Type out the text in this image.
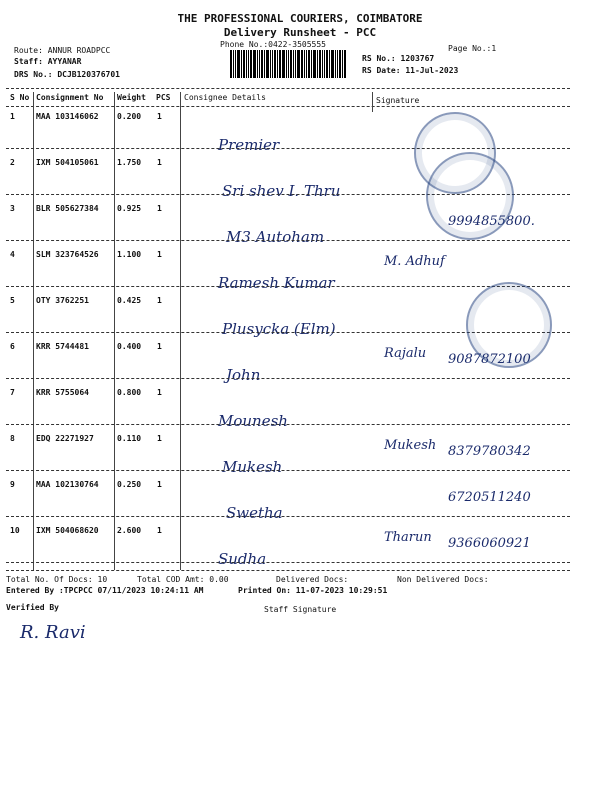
THE PROFESSIONAL COURIERS, COIMBATORE
Delivery Runsheet - PCC
Phone No.:0422-3505555	Page No.:1
Route: ANNUR ROADPCC
Staff: AYYANAR
DRS No.: DCJB120376701
RS No.: 1203767
RS Date: 11-Jul-2023
S No Consignment No Weight PCS Consignee Details	Signature
1	MAA 103146062 0.200 1
Premier
2	IXM 504105061 1.750 1
Sri shev I. Thru
3	BLR 505627384 0.925 1
M3 Autoham
9994855800.
4	SLM 323764526 1.100 1
Ramesh Kumar
M. Adhuf
5	OTY 3762251	0.425 1
Plusycka (Elm)
6	KRR 5744481	0.400 1
John
Rajalu 9087872100
7	KRR 5755064	0.800 1
Mounesh
8	EDQ 22271927	0.110 1
Mukesh
Mukesh 8379780342
9	MAA 102130764 0.250 1
Swetha
6720511240
10 IXM 504068620 2.600 1
Sudha
Tharun 9366060921
Total No. Of Docs: 10	Total COD Amt: 0.00	Delivered Docs:	Non Delivered Docs:
Entered By :TPCPCC 07/11/2023 10:24:11 AM	Printed On: 11-07-2023 10:29:51
Verified By	Staff Signature
R. Ravi
